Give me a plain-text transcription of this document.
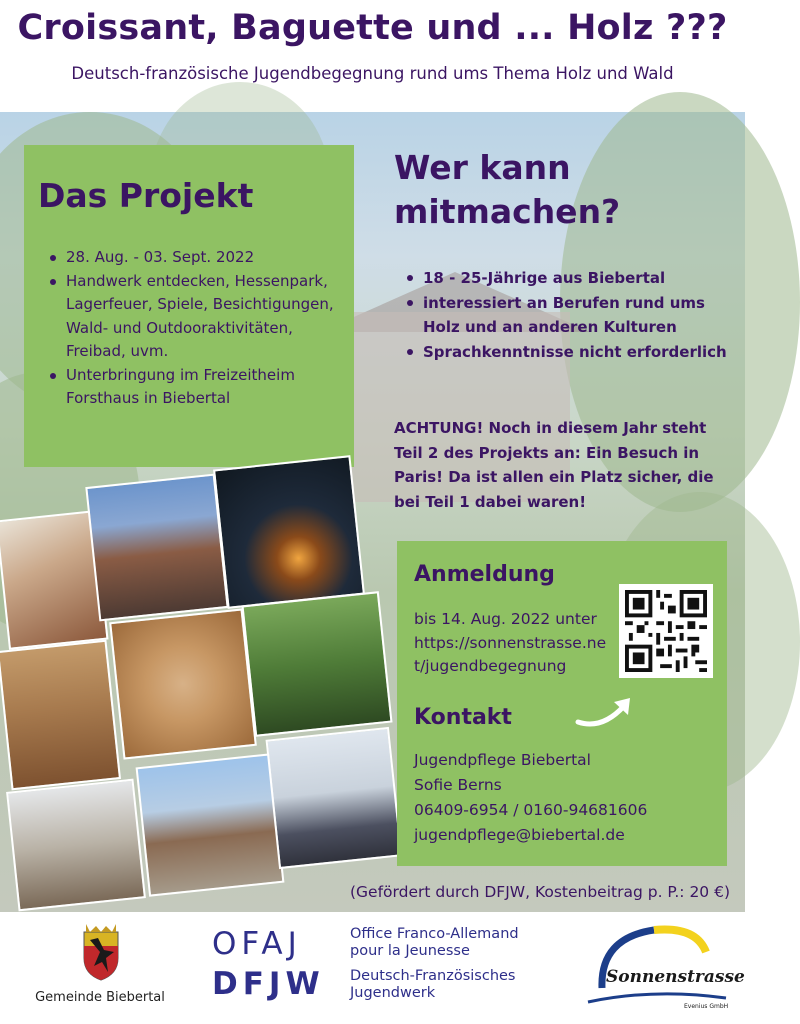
Croissant, Baguette und ... Holz ???
Deutsch-französische Jugendbegegnung rund ums Thema Holz und Wald
Das Projekt
28. Aug. - 03. Sept. 2022
Handwerk entdecken, Hessenpark, Lagerfeuer, Spiele, Besichtigungen, Wald- und Outdooraktivitäten, Freibad, uvm.
Unterbringung im Freizeitheim Forsthaus in Biebertal
Wer kann mitmachen?
18 - 25-Jährige aus Biebertal
interessiert an Berufen rund ums Holz und an anderen Kulturen
Sprachkenntnisse nicht erforderlich
ACHTUNG! Noch in diesem Jahr steht Teil 2 des Projekts an: Ein Besuch in Paris! Da ist allen ein Platz sicher, die bei Teil 1 dabei waren!
Anmeldung
bis 14. Aug. 2022 unter https://sonnenstrasse.net/jugendbegegnung
Kontakt
Jugendpflege Biebertal
Sofie Berns
06409-6954 / 0160-94681606
jugendpflege@biebertal.de
(Gefördert durch DFJW, Kostenbeitrag p. P.: 20 €)
Gemeinde Biebertal
OFAJ
DFJW
Office Franco-Allemand pour la Jeunesse
Deutsch-Französisches Jugendwerk
Sonnenstrasse
Evenius GmbH
